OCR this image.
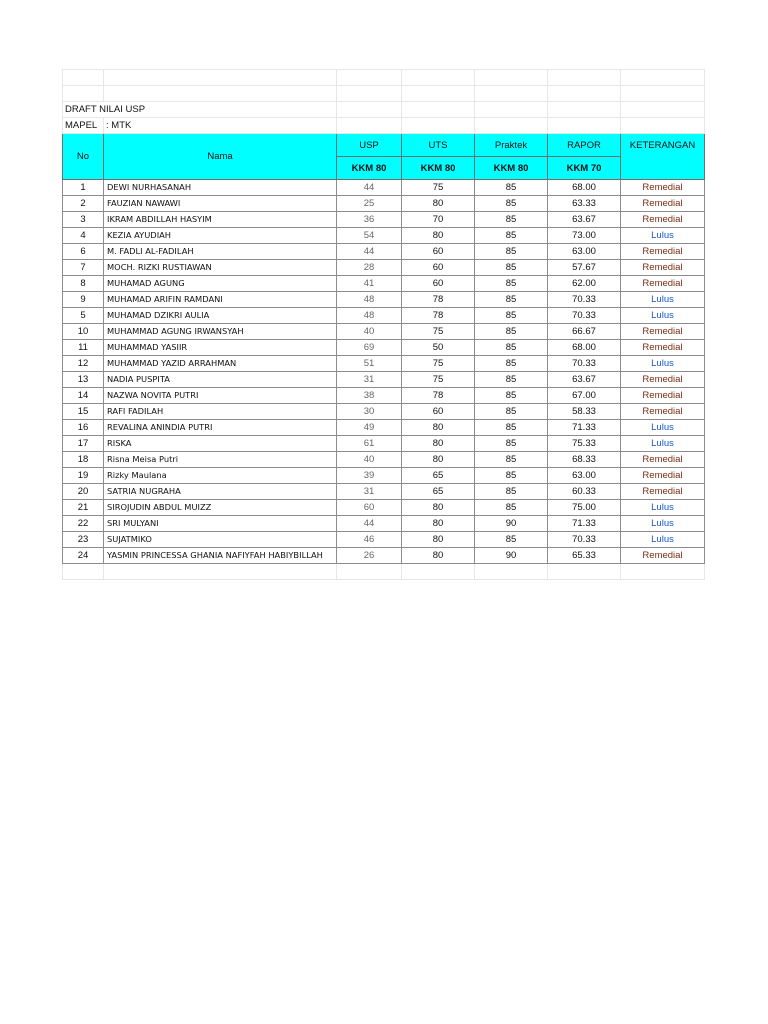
DRAFT NILAI USP						
MAPEL	: MTK					
No	Nama	USP	UTS	Praktek	RAPOR	KETERANGAN
		KKM 80	KKM 80	KKM 80	KKM 70	
1	DEWI NURHASANAH	44	75	85	68.00	Remedial
2	FAUZIAN NAWAWI	25	80	85	63.33	Remedial
3	IKRAM ABDILLAH HASYIM	36	70	85	63.67	Remedial
4	KEZIA AYUDIAH	54	80	85	73.00	Lulus
6	M. FADLI AL-FADILAH	44	60	85	63.00	Remedial
7	MOCH. RIZKI RUSTIAWAN	28	60	85	57.67	Remedial
8	MUHAMAD AGUNG	41	60	85	62.00	Remedial
9	MUHAMAD ARIFIN RAMDANI	48	78	85	70.33	Lulus
5	MUHAMAD DZIKRI AULIA	48	78	85	70.33	Lulus
10	MUHAMMAD AGUNG IRWANSYAH	40	75	85	66.67	Remedial
11	MUHAMMAD YASIIR	69	50	85	68.00	Remedial
12	MUHAMMAD YAZID ARRAHMAN	51	75	85	70.33	Lulus
13	NADIA PUSPITA	31	75	85	63.67	Remedial
14	NAZWA NOVITA PUTRI	38	78	85	67.00	Remedial
15	RAFI FADILAH	30	60	85	58.33	Remedial
16	REVALINA ANINDIA PUTRI	49	80	85	71.33	Lulus
17	RISKA	61	80	85	75.33	Lulus
18	Risna Meisa Putri	40	80	85	68.33	Remedial
19	Rizky Maulana	39	65	85	63.00	Remedial
20	SATRIA NUGRAHA	31	65	85	60.33	Remedial
21	SIROJUDIN ABDUL MUIZZ	60	80	85	75.00	Lulus
22	SRI MULYANI	44	80	90	71.33	Lulus
23	SUJATMIKO	46	80	85	70.33	Lulus
24	YASMIN PRINCESSA GHANIA NAFIYFAH HABIYBILLAH	26	80	90	65.33	Remedial
